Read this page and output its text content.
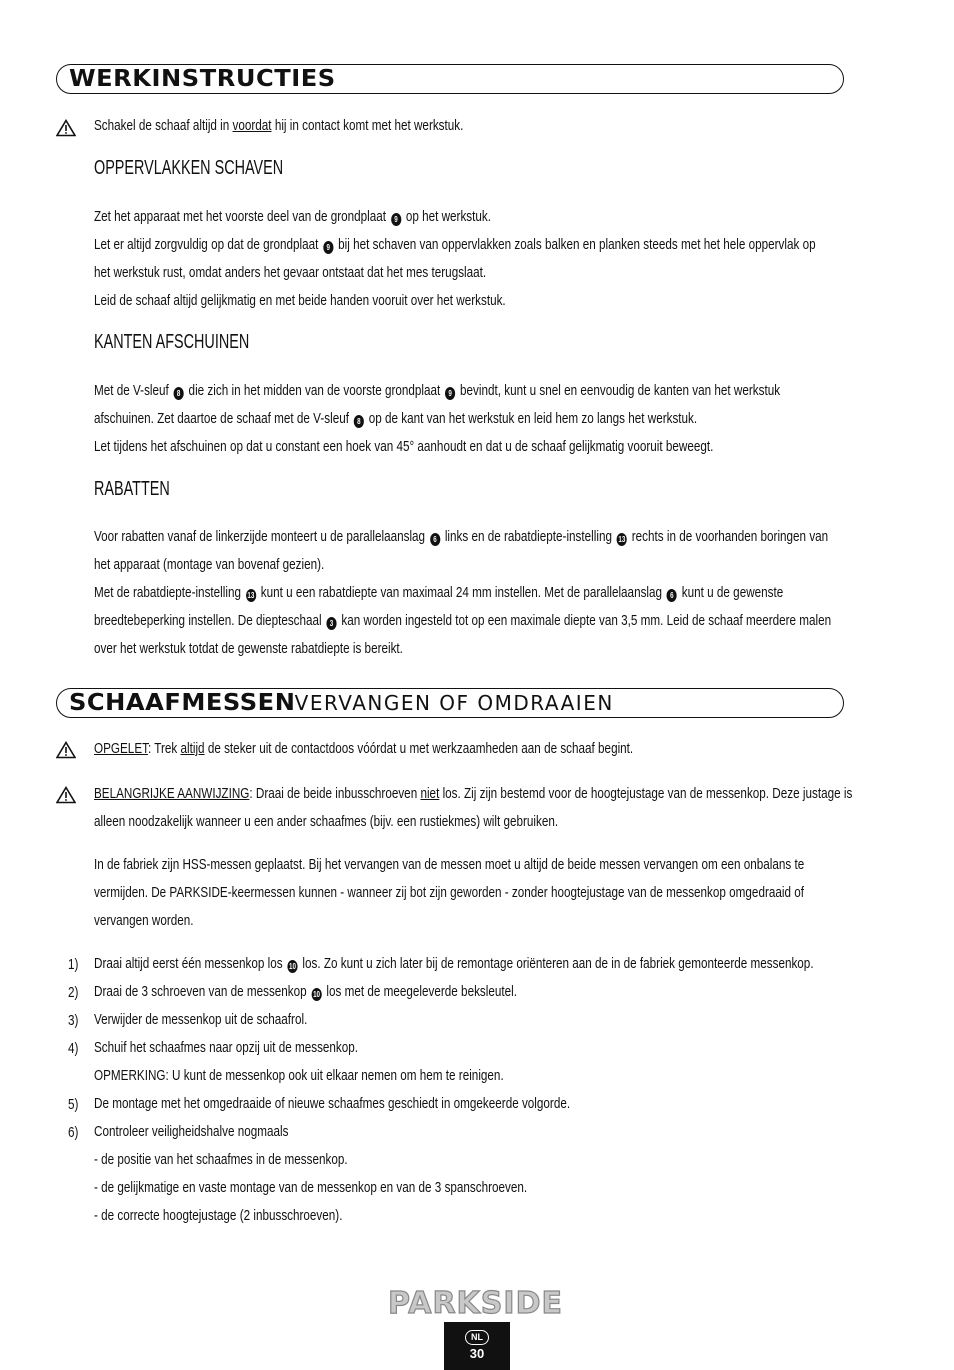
WERKINSTRUCTIES
Schakel de schaaf altijd in voordat hij in contact komt met het werkstuk.
OPPERVLAKKEN SCHAVEN
Zet het apparaat met het voorste deel van de grondplaat 9 op het werkstuk.
Let er altijd zorgvuldig op dat de grondplaat 9 bij het schaven van oppervlakken zoals balken en planken steeds met het hele oppervlak op
het werkstuk rust, omdat anders het gevaar ontstaat dat het mes terugslaat.
Leid de schaaf altijd gelijkmatig en met beide handen vooruit over het werkstuk.
KANTEN AFSCHUINEN
Met de V-sleuf 8 die zich in het midden van de voorste grondplaat 9 bevindt, kunt u snel en eenvoudig de kanten van het werkstuk
afschuinen. Zet daartoe de schaaf met de V-sleuf 8 op de kant van het werkstuk en leid hem zo langs het werkstuk.
Let tijdens het afschuinen op dat u constant een hoek van 45° aanhoudt en dat u de schaaf gelijkmatig vooruit beweegt.
RABATTEN
Voor rabatten vanaf de linkerzijde monteert u de parallelaanslag 6 links en de rabatdiepte-instelling 13 rechts in de voorhanden boringen van
het apparaat (montage van bovenaf gezien).
Met de rabatdiepte-instelling 13 kunt u een rabatdiepte van maximaal 24 mm instellen. Met de parallelaanslag 6 kunt u de gewenste
breedtebeperking instellen. De diepteschaal 3 kan worden ingesteld tot op een maximale diepte van 3,5 mm. Leid de schaaf meerdere malen
over het werkstuk totdat de gewenste rabatdiepte is bereikt.
SCHAAFMESSEN VERVANGEN OF OMDRAAIEN
OPGELET: Trek altijd de steker uit de contactdoos vóórdat u met werkzaamheden aan de schaaf begint.
BELANGRIJKE AANWIJZING: Draai de beide inbusschroeven niet los. Zij zijn bestemd voor de hoogtejustage van de messenkop. Deze justage is
alleen noodzakelijk wanneer u een ander schaafmes (bijv. een rustiekmes) wilt gebruiken.
In de fabriek zijn HSS-messen geplaatst. Bij het vervangen van de messen moet u altijd de beide messen vervangen om een onbalans te
vermijden. De PARKSIDE-keermessen kunnen - wanneer zij bot zijn geworden - zonder hoogtejustage van de messenkop omgedraaid of
vervangen worden.
1) Draai altijd eerst één messenkop los 10 los. Zo kunt u zich later bij de remontage oriënteren aan de in de fabriek gemonteerde messenkop.
2) Draai de 3 schroeven van de messenkop 10 los met de meegeleverde beksleutel.
3) Verwijder de messenkop uit de schaafrol.
4) Schuif het schaafmes naar opzij uit de messenkop.
OPMERKING: U kunt de messenkop ook uit elkaar nemen om hem te reinigen.
5) De montage met het omgedraaide of nieuwe schaafmes geschiedt in omgekeerde volgorde.
6) Controleer veiligheidshalve nogmaals
- de positie van het schaafmes in de messenkop.
- de gelijkmatige en vaste montage van de messenkop en van de 3 spanschroeven.
- de correcte hoogtejustage (2 inbusschroeven).
PARKSIDE
NL
30
